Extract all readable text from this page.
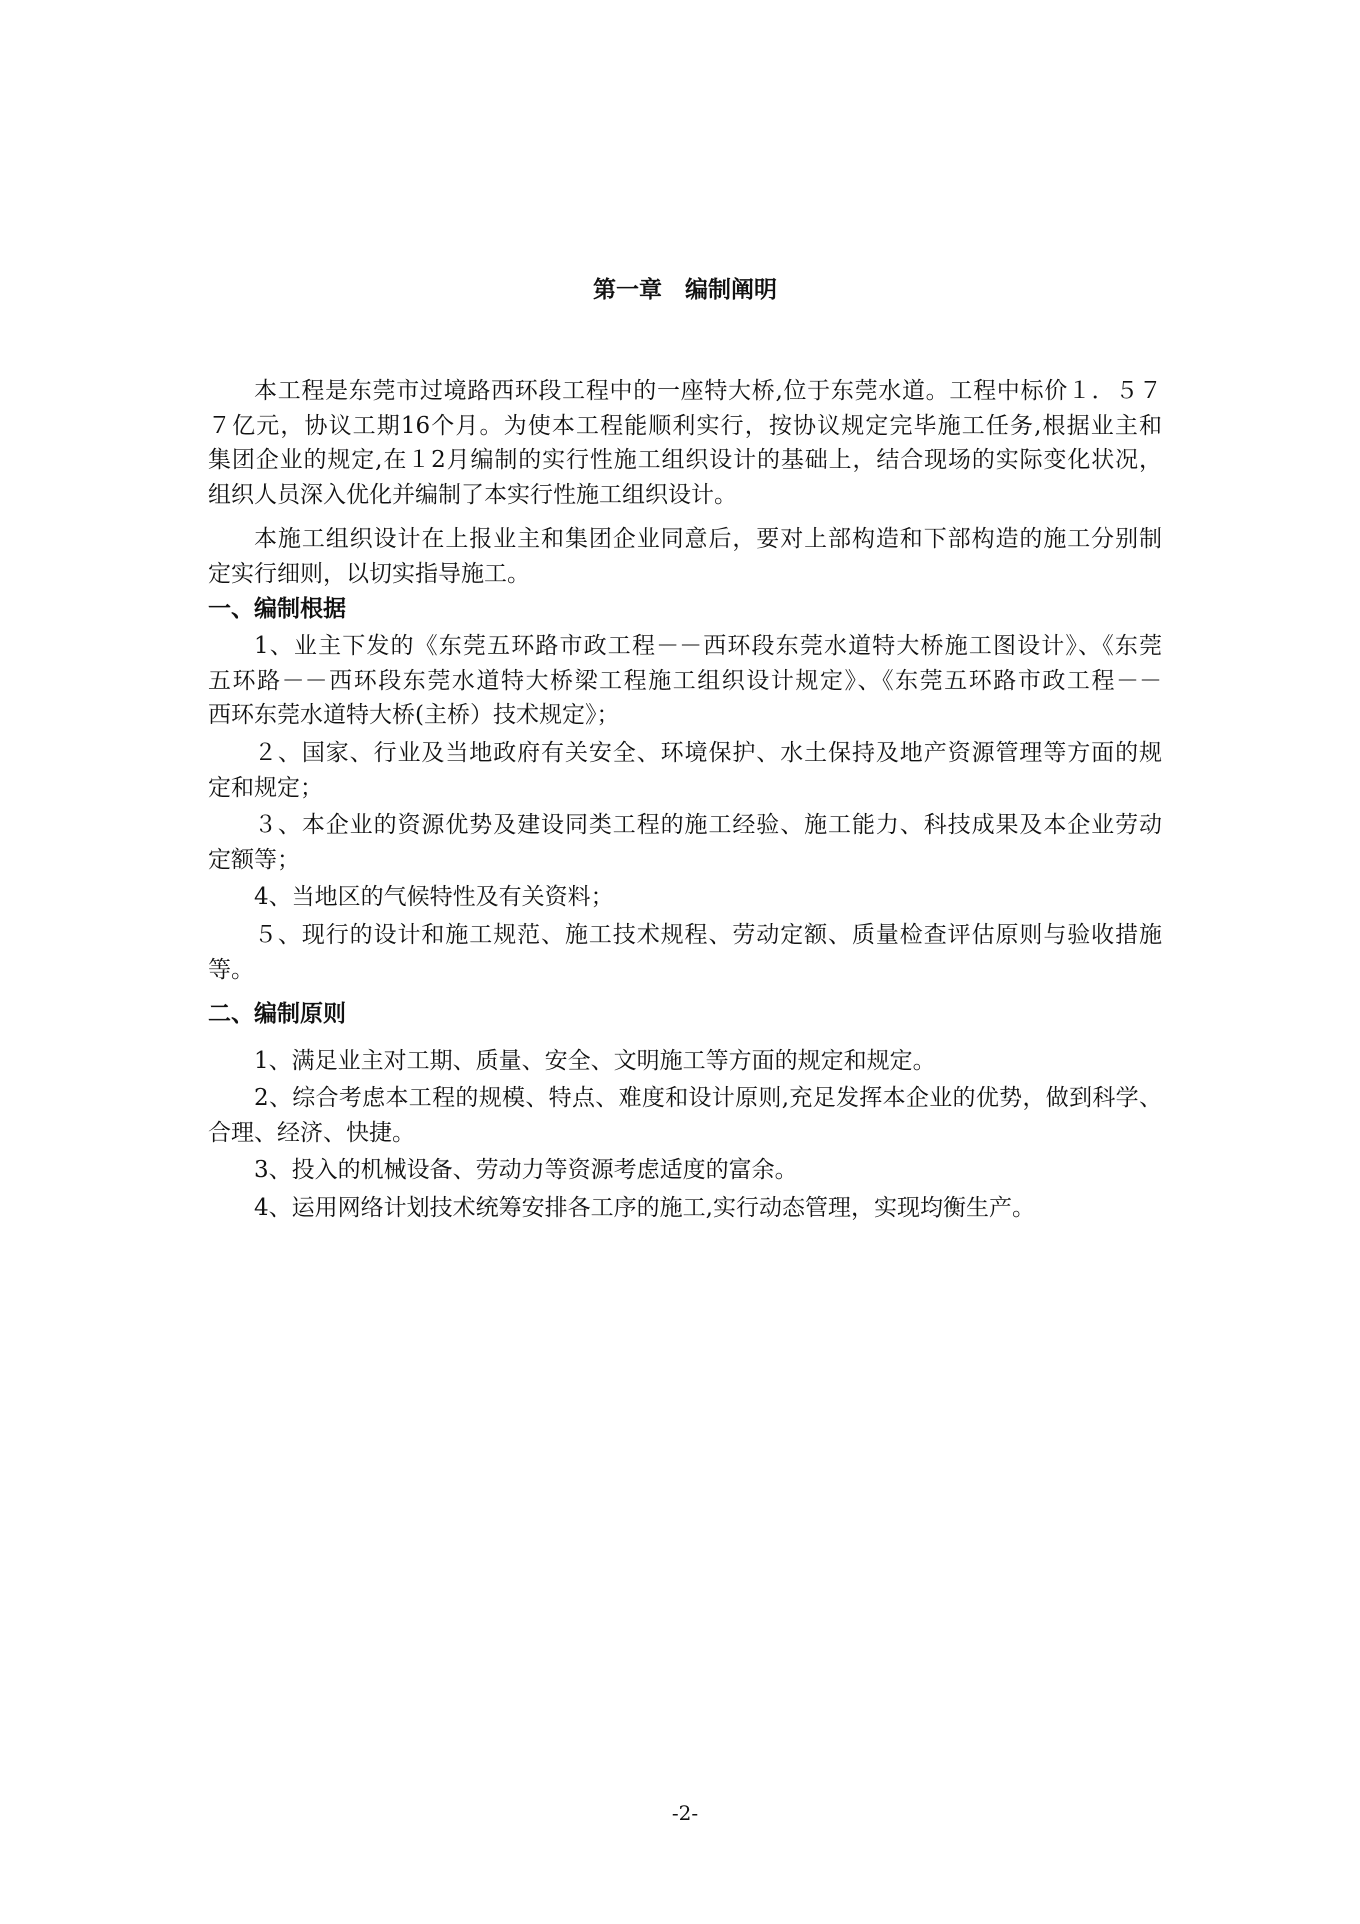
第一章　编制阐明
本工程是东莞市过境路西环段工程中的一座特大桥,位于东莞水道。工程中标价１．５７
７亿元，协议工期16个月。为使本工程能顺利实行，按协议规定完毕施工任务,根据业主和
集团企业的规定,在１2月编制的实行性施工组织设计的基础上，结合现场的实际变化状况，
组织人员深入优化并编制了本实行性施工组织设计。
本施工组织设计在上报业主和集团企业同意后，要对上部构造和下部构造的施工分别制
定实行细则，以切实指导施工。
一、编制根据
1、业主下发的《东莞五环路市政工程－－西环段东莞水道特大桥施工图设计》、《东莞
五环路－－西环段东莞水道特大桥梁工程施工组织设计规定》、《东莞五环路市政工程－－
西环东莞水道特大桥(主桥）技术规定》；
２、国家、行业及当地政府有关安全、环境保护、水土保持及地产资源管理等方面的规
定和规定；
３、本企业的资源优势及建设同类工程的施工经验、施工能力、科技成果及本企业劳动
定额等；
4、当地区的气候特性及有关资料；
５、现行的设计和施工规范、施工技术规程、劳动定额、质量检查评估原则与验收措施
等。
二、编制原则
1、满足业主对工期、质量、安全、文明施工等方面的规定和规定。
2、综合考虑本工程的规模、特点、难度和设计原则,充足发挥本企业的优势，做到科学、
合理、经济、快捷。
3、投入的机械设备、劳动力等资源考虑适度的富余。
4、运用网络计划技术统筹安排各工序的施工,实行动态管理，实现均衡生产。
-2-
